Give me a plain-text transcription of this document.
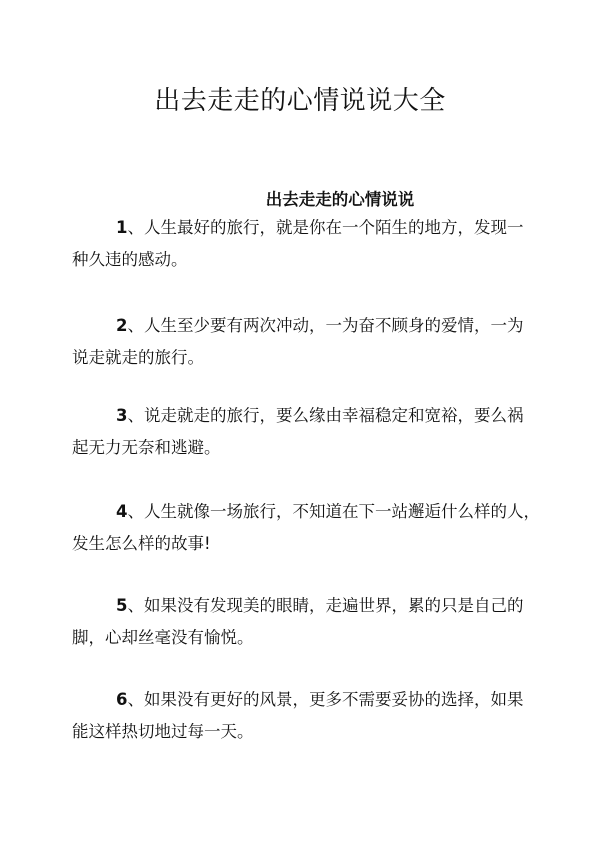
出去走走的心情说说大全
出去走走的心情说说

1、人生最好的旅行，就是你在一个陌生的地方，发现一
种久违的感动。

2、人生至少要有两次冲动，一为奋不顾身的爱情，一为
说走就走的旅行。

3、说走就走的旅行，要么缘由幸福稳定和宽裕，要么祸
起无力无奈和逃避。

4、人生就像一场旅行，不知道在下一站邂逅什么样的人，
发生怎么样的故事!

5、如果没有发现美的眼睛，走遍世界，累的只是自己的
脚，心却丝毫没有愉悦。

6、如果没有更好的风景，更多不需要妥协的选择，如果
能这样热切地过每一天。
